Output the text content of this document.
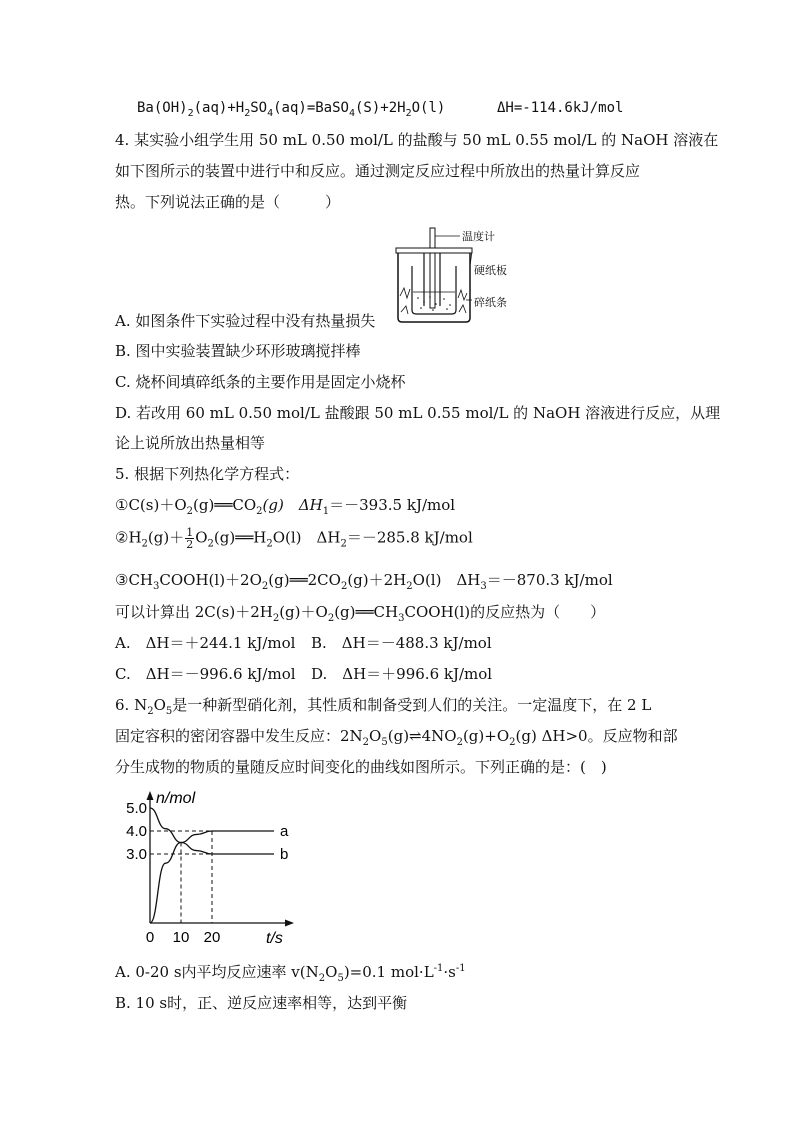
$Ba(OH)_2(aq)+H_2SO_4(aq)=BaSO_4(S)+2H_2O(l)$	ΔH=-114.6kJ/mol
4. 某实验小组学生用 50 mL 0.50 mol/L 的盐酸与 50 mL 0.55 mol/L 的 NaOH 溶液在
如下图所示的装置中进行中和反应。通过测定反应过程中所放出的热量计算反应
热。下列说法正确的是（　　　）
温度计
硬纸板
碎纸条
A. 如图条件下实验过程中没有热量损失
B. 图中实验装置缺少环形玻璃搅拌棒
C. 烧杯间填碎纸条的主要作用是固定小烧杯
D. 若改用 60 mL 0.50 mol/L 盐酸跟 50 mL 0.55 mol/L 的 NaOH 溶液进行反应，从理
论上说所放出热量相等
5. 根据下列热化学方程式：
$①C(s)+O_2(g)══CO_2(g)$　$\Delta H_1=-393.5$ kJ/mol
$②H_2(g)+ \frac{1}{2}$ $O_2(g)══H_2O(l)$　$\Delta H_2=-285.8$ kJ/mol
$③CH_3COOH(l)+2O_2(g)══2CO_2(g)+2H_2O(l)$　$\Delta H_3=-870.3$ kJ/mol
可以计算出 $2C(s)+2H_2(g)+O_2(g)══CH_3COOH(l)$的反应热为（　　）
A.　ΔH＝＋244.1 kJ/mol B.　ΔH＝－488.3 kJ/mol
C.　ΔH＝－996.6 kJ/mol D.　ΔH＝＋996.6 kJ/mol
6. $N_2O_5$是一种新型硝化剂，其性质和制备受到人们的关注。一定温度下，在 2 L
固定容积的密闭容器中发生反应：$2N_2O_5(g)\rightleftharpoons 4NO_2(g)+O_2(g)$ ΔH>0。反应物和部
分生成物的物质的量随反应时间变化的曲线如图所示。下列正确的是：(　)
n/mol
t/s
5.0
4.0
3.0
0 10 20
a
b
A. 0-20 s内平均反应速率 $v(N_2O_5)=0.1$ $mol\cdot L^{-1}\cdot s^{-1}$
B. 10 s时，正、逆反应速率相等，达到平衡
